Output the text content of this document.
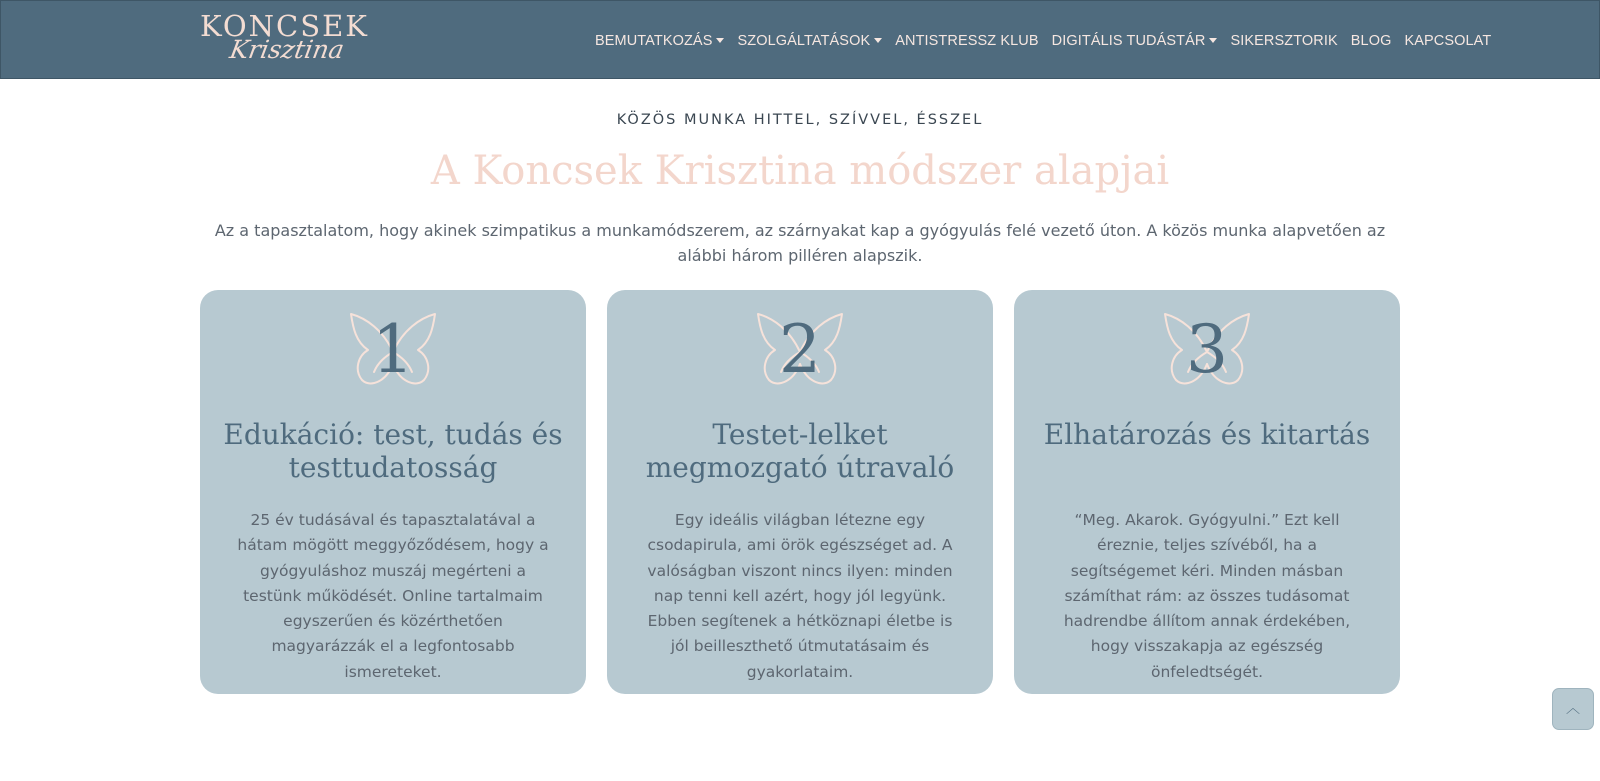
KONCSEK
Krisztina	BEMUTATKOZÁS SZOLGÁLTATÁSOK ANTISTRESSZ KLUB DIGITÁLIS TUDÁSTÁR SIKERSZTORIK BLOG KAPCSOLAT
KÖZÖS MUNKA HITTEL, SZÍVVEL, ÉSSZEL
A Koncsek Krisztina módszer alapjai

Az a tapasztalatom, hogy akinek szimpatikus a munkamódszerem, az szárnyakat kap a gyógyulás felé vezető úton. A közös munka alapvetően az alábbi három pilléren alapszik.

1
Edukáció: test, tudás és testtudatosság

25 év tudásával és tapasztalatával a hátam mögött meggyőződésem, hogy a gyógyuláshoz muszáj megérteni a testünk működését. Online tartalmaim egyszerűen és közérthetően magyarázzák el a legfontosabb ismereteket.

2
Testet-lelket megmozgató útravaló

Egy ideális világban létezne egy csodapirula, ami örök egészséget ad. A valóságban viszont nincs ilyen: minden nap tenni kell azért, hogy jól legyünk. Ebben segítenek a hétköznapi életbe is jól beilleszthető útmutatásaim és gyakorlataim.

3
Elhatározás és kitartás

“Meg. Akarok. Gyógyulni.” Ezt kell éreznie, teljes szívéből, ha a segítségemet kéri. Minden másban számíthat rám: az összes tudásomat hadrendbe állítom annak érdekében, hogy visszakapja az egészség önfeledtségét.

︿
